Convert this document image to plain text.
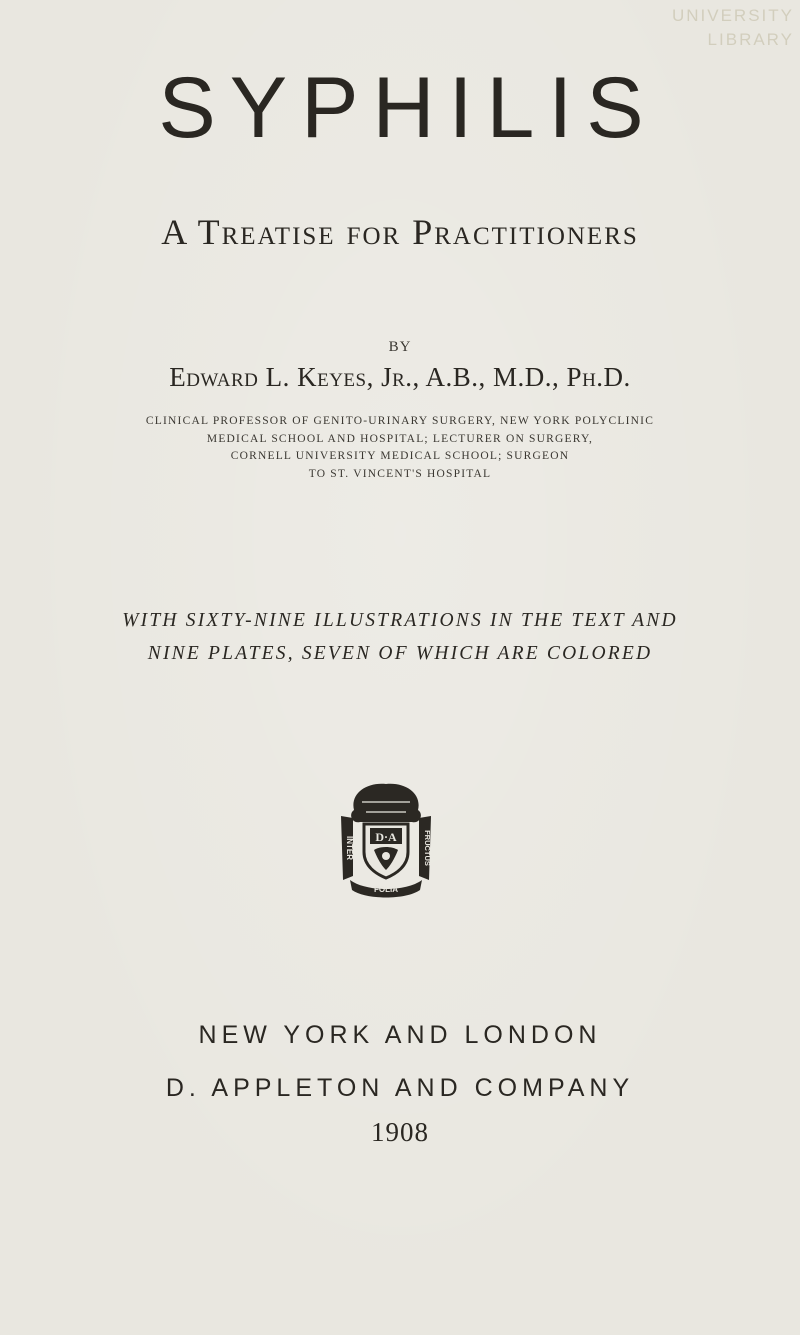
UNIVERSITY
LIBRARY
SYPHILIS
A Treatise for Practitioners
BY
Edward L. Keyes, Jr., A.B., M.D., Ph.D.
CLINICAL PROFESSOR OF GENITO-URINARY SURGERY, NEW YORK POLYCLINIC
MEDICAL SCHOOL AND HOSPITAL; LECTURER ON SURGERY,
CORNELL UNIVERSITY MEDICAL SCHOOL; SURGEON
TO ST. VINCENT'S HOSPITAL
WITH SIXTY-NINE ILLUSTRATIONS IN THE TEXT AND
NINE PLATES, SEVEN OF WHICH ARE COLORED
INTER	FRUCTUS
D·A
FOLIA
NEW YORK AND LONDON
D. APPLETON AND COMPANY
1908
